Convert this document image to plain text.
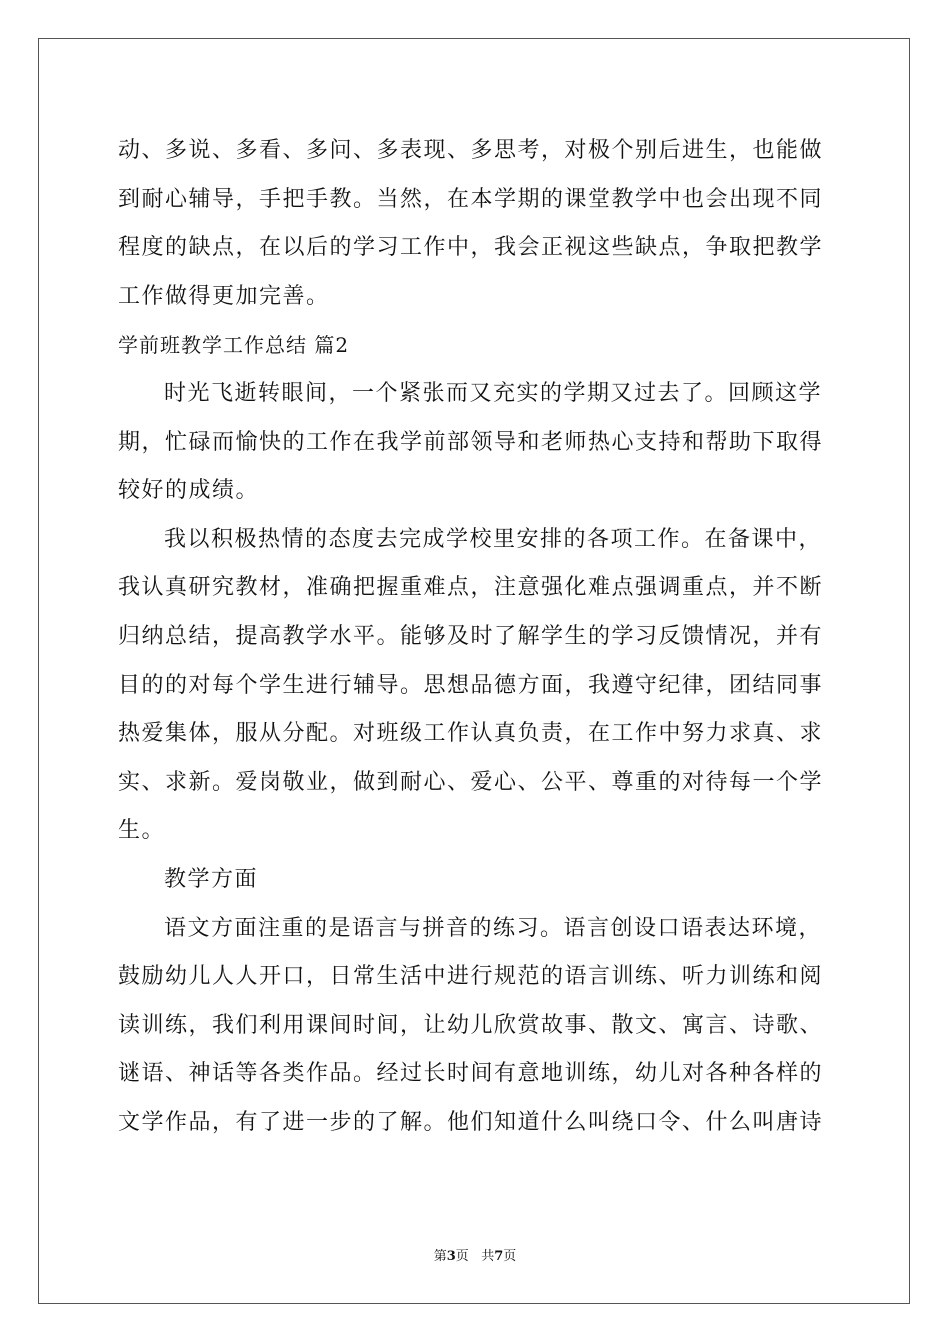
动、多说、多看、多问、多表现、多思考，对极个别后进生，也能做
到耐心辅导，手把手教。当然，在本学期的课堂教学中也会出现不同
程度的缺点，在以后的学习工作中，我会正视这些缺点，争取把教学
工作做得更加完善。
学前班教学工作总结 篇2
时光飞逝转眼间，一个紧张而又充实的学期又过去了。回顾这学
期，忙碌而愉快的工作在我学前部领导和老师热心支持和帮助下取得
较好的成绩。
我以积极热情的态度去完成学校里安排的各项工作。在备课中，
我认真研究教材，准确把握重难点，注意强化难点强调重点，并不断
归纳总结，提高教学水平。能够及时了解学生的学习反馈情况，并有
目的的对每个学生进行辅导。思想品德方面，我遵守纪律，团结同事
热爱集体，服从分配。对班级工作认真负责，在工作中努力求真、求
实、求新。爱岗敬业，做到耐心、爱心、公平、尊重的对待每一个学
生。
教学方面
语文方面注重的是语言与拼音的练习。语言创设口语表达环境，
鼓励幼儿人人开口，日常生活中进行规范的语言训练、听力训练和阅
读训练，我们利用课间时间，让幼儿欣赏故事、散文、寓言、诗歌、
谜语、神话等各类作品。经过长时间有意地训练，幼儿对各种各样的
文学作品，有了进一步的了解。他们知道什么叫绕口令、什么叫唐诗
第3页 共7页
